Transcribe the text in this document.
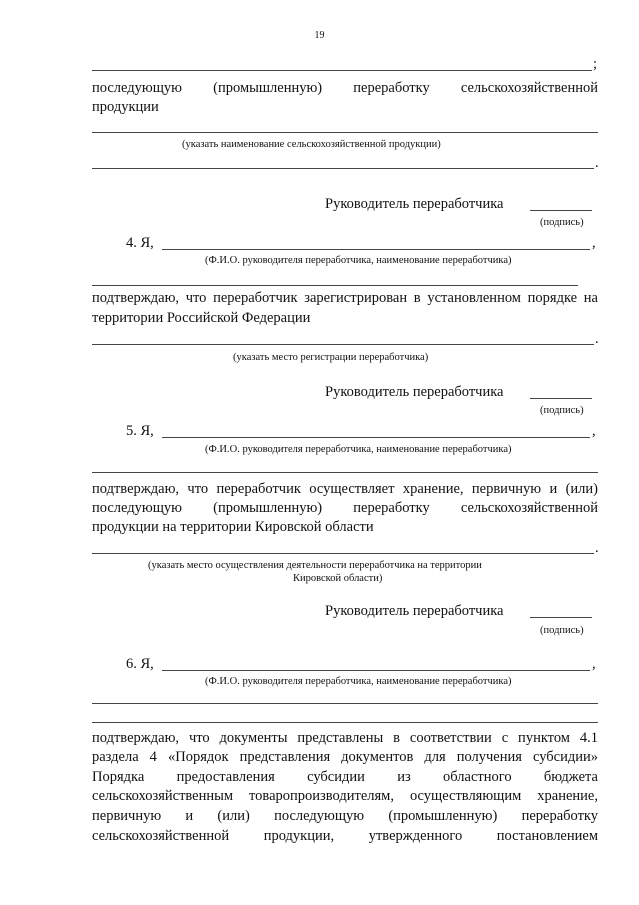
19
;
последующую (промышленную) переработку сельскохозяйственной
продукции
(указать наименование сельскохозяйственной продукции)
.
Руководитель переработчика
(подпись)
4. Я,	,
(Ф.И.О. руководителя переработчика, наименование переработчика)
подтверждаю, что переработчик зарегистрирован в установленном порядке на
территории Российской Федерации
.
(указать место регистрации переработчика)
Руководитель переработчика
(подпись)
5. Я,	,
(Ф.И.О. руководителя переработчика, наименование переработчика)
подтверждаю, что переработчик осуществляет хранение, первичную и (или)
последующую (промышленную) переработку сельскохозяйственной
продукции на территории Кировской области
.
(указать место осуществления деятельности переработчика на территории
Кировской области)
Руководитель переработчика
(подпись)
6. Я,	,
(Ф.И.О. руководителя переработчика, наименование переработчика)
подтверждаю, что документы представлены в соответствии с пунктом 4.1
раздела 4 «Порядок представления документов для получения субсидии»
Порядка предоставления субсидии из областного бюджета
сельскохозяйственным товаропроизводителям, осуществляющим хранение,
первичную и (или) последующую (промышленную) переработку
сельскохозяйственной продукции, утвержденного постановлением
